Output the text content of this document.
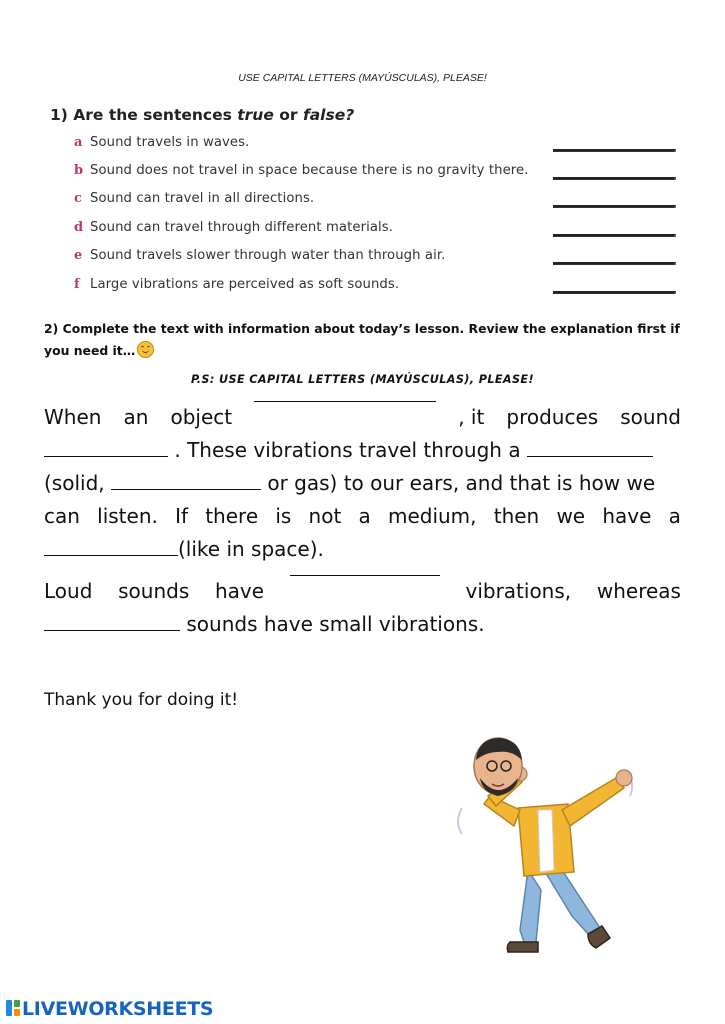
USE CAPITAL LETTERS (MAYÚSCULAS), PLEASE!
1) Are the sentences true or false?
a Sound travels in waves.
b Sound does not travel in space because there is no gravity there.
c Sound can travel in all directions.
d Sound can travel through different materials.
e Sound travels slower through water than through air.
f Large vibrations are perceived as soft sounds.
2) Complete the text with information about today’s lesson. Review the explanation first if you need it…
P.S: USE CAPITAL LETTERS (MAYÚSCULAS), PLEASE!
When an object	, it produces sound
. These vibrations travel through a
(solid,	or gas) to our ears, and that is how we
can listen. If there is not a medium, then we have a
(like in space).
Loud sounds have	vibrations, whereas
sounds have small vibrations.
Thank you for doing it!
LIVEWORKSHEETS
